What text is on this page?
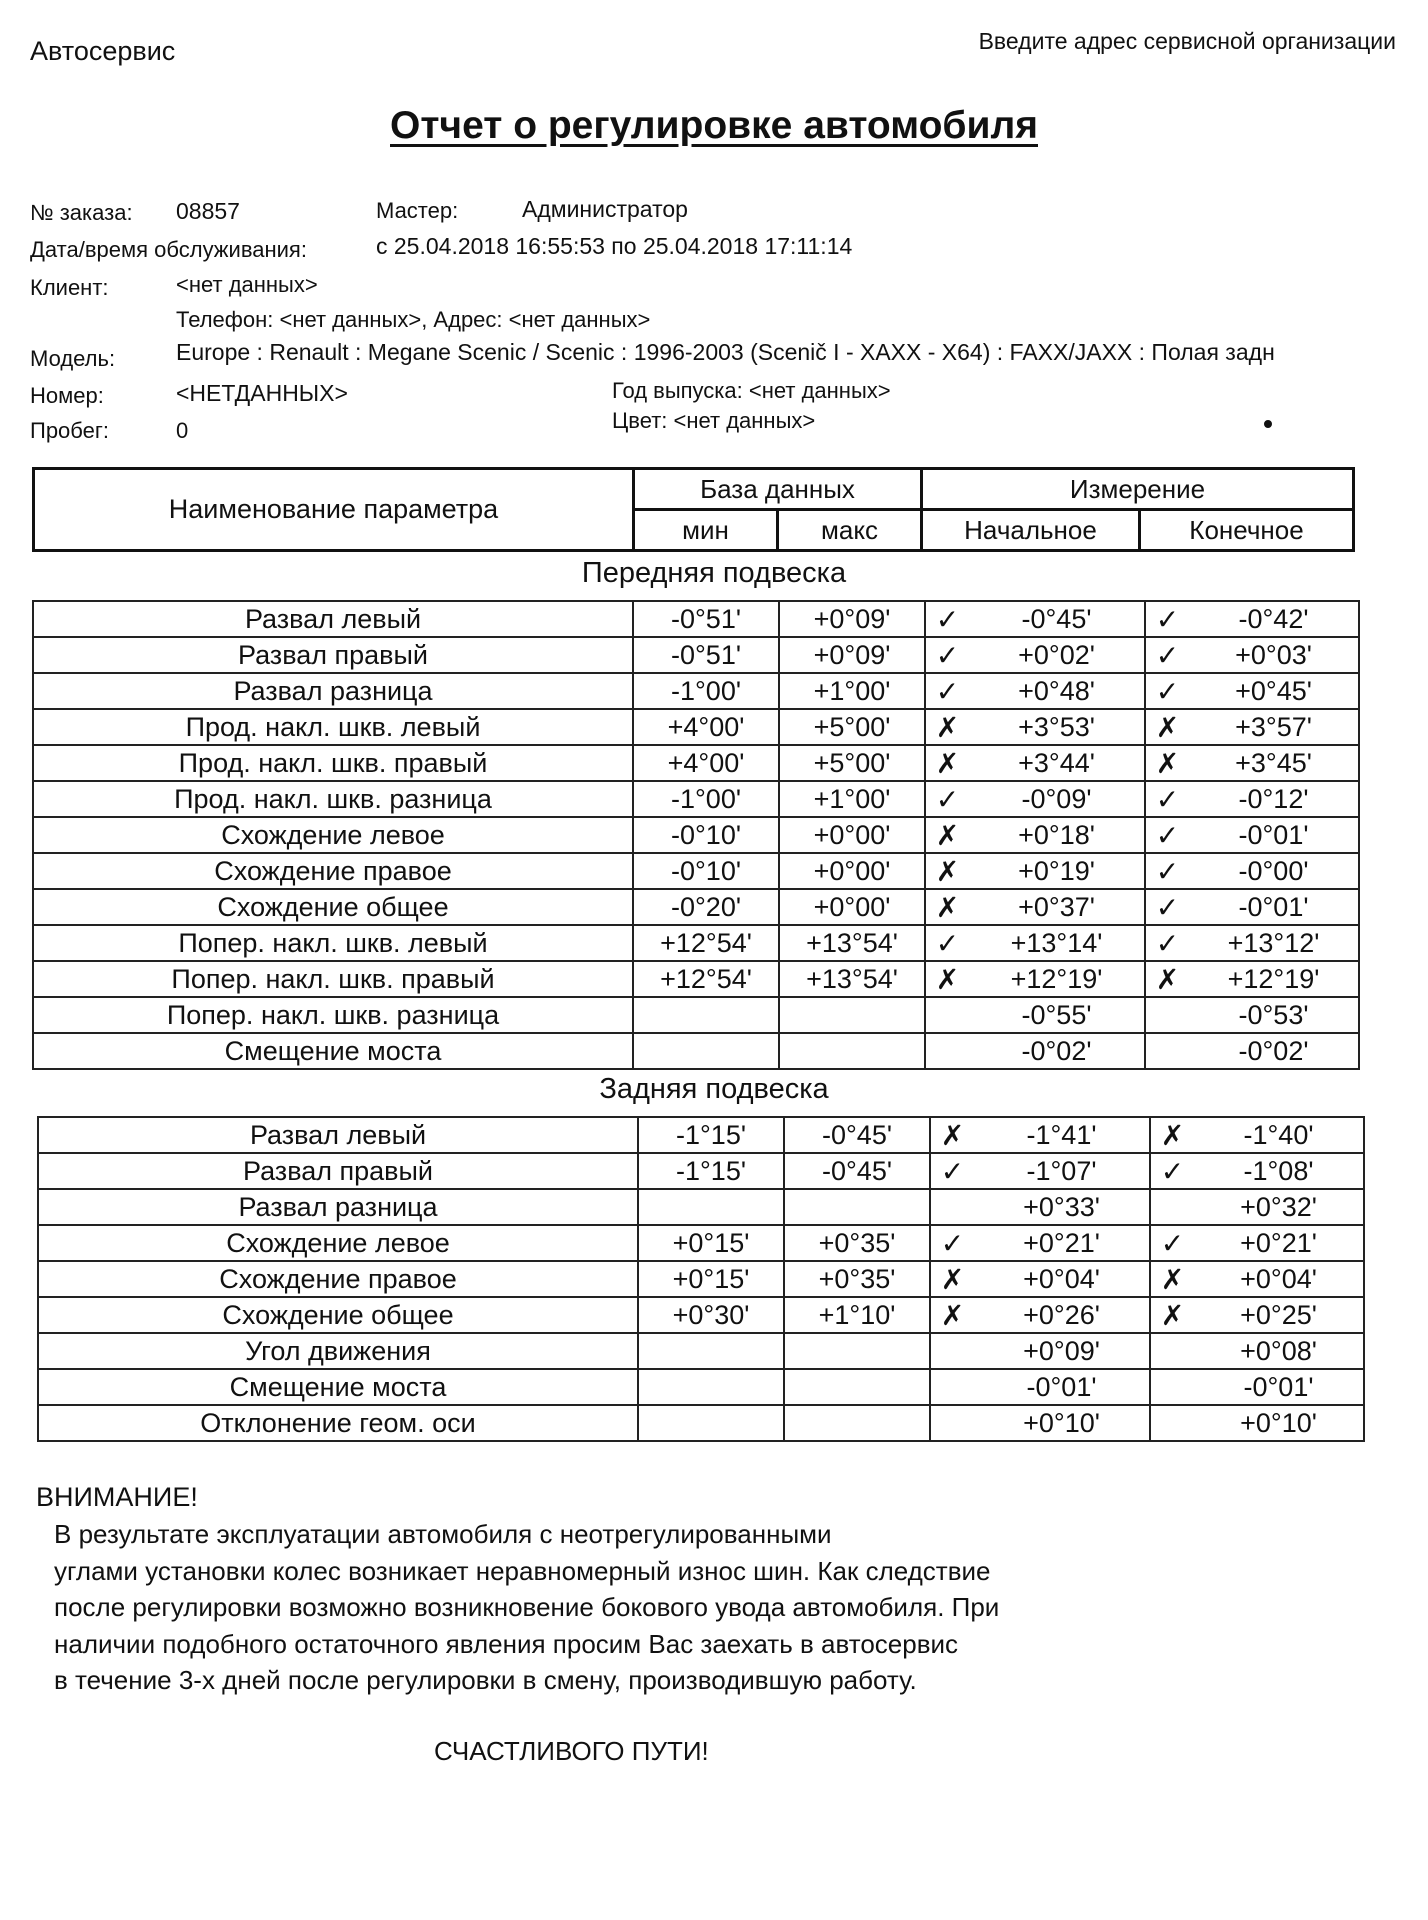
Автосервис	Введите адрес сервисной организации
Отчет о регулировке автомобиля
№ заказа: 08857	Мастер:	Администратор
Дата/время обслуживания:	с 25.04.2018 16:55:53 по 25.04.2018 17:11:14
Клиент:	<нет данных>
Телефон: <нет данных>, Адрес: <нет данных>
Модель:	Europe : Renault : Megane Scenic / Scenic : 1996-2003 (Scenič I - XAXX - X64) : FAXX/JAXX : Полая задн
Номер:	<НЕТДАННЫХ>	Год выпуска: <нет данных>
Пробег:	0	Цвет: <нет данных>
Наименование параметра	База данных		Измерение	
	мин	макс	Начальное	Конечное
Передняя подвеска
Развал левый	-0°51'	+0°09'	✓	-0°45'	✓	-0°42'
Развал правый	-0°51'	+0°09'	✓	+0°02'	✓	+0°03'
Развал разница	-1°00'	+1°00'	✓	+0°48'	✓	+0°45'
Прод. накл. шкв. левый	+4°00'	+5°00'	✗	+3°53'	✗	+3°57'
Прод. накл. шкв. правый	+4°00'	+5°00'	✗	+3°44'	✗	+3°45'
Прод. накл. шкв. разница	-1°00'	+1°00'	✓	-0°09'	✓	-0°12'
Схождение левое	-0°10'	+0°00'	✗	+0°18'	✓	-0°01'
Схождение правое	-0°10'	+0°00'	✗	+0°19'	✓	-0°00'
Схождение общее	-0°20'	+0°00'	✗	+0°37'	✓	-0°01'
Попер. накл. шкв. левый	+12°54'	+13°54'	✓	+13°14'	✓	+13°12'
Попер. накл. шкв. правый	+12°54'	+13°54'	✗	+12°19'	✗	+12°19'
Попер. накл. шкв. разница				-0°55'		-0°53'
Смещение моста				-0°02'		-0°02'
Задняя подвеска
Развал левый	-1°15'	-0°45'	✗	-1°41'	✗	-1°40'
Развал правый	-1°15'	-0°45'	✓	-1°07'	✓	-1°08'
Развал разница				+0°33'		+0°32'
Схождение левое	+0°15'	+0°35'	✓	+0°21'	✓	+0°21'
Схождение правое	+0°15'	+0°35'	✗	+0°04'	✗	+0°04'
Схождение общее	+0°30'	+1°10'	✗	+0°26'	✗	+0°25'
Угол движения				+0°09'		+0°08'
Смещение моста				-0°01'		-0°01'
Отклонение геом. оси				+0°10'		+0°10'
ВНИМАНИЕ!
В результате эксплуатации автомобиля с неотрегулированными
углами установки колес возникает неравномерный износ шин. Как следствие
после регулировки возможно возникновение бокового увода автомобиля. При
наличии подобного остаточного явления просим Вас заехать в автосервис
в течение 3-х дней после регулировки в смену, производившую работу.
СЧАСТЛИВОГО ПУТИ!
